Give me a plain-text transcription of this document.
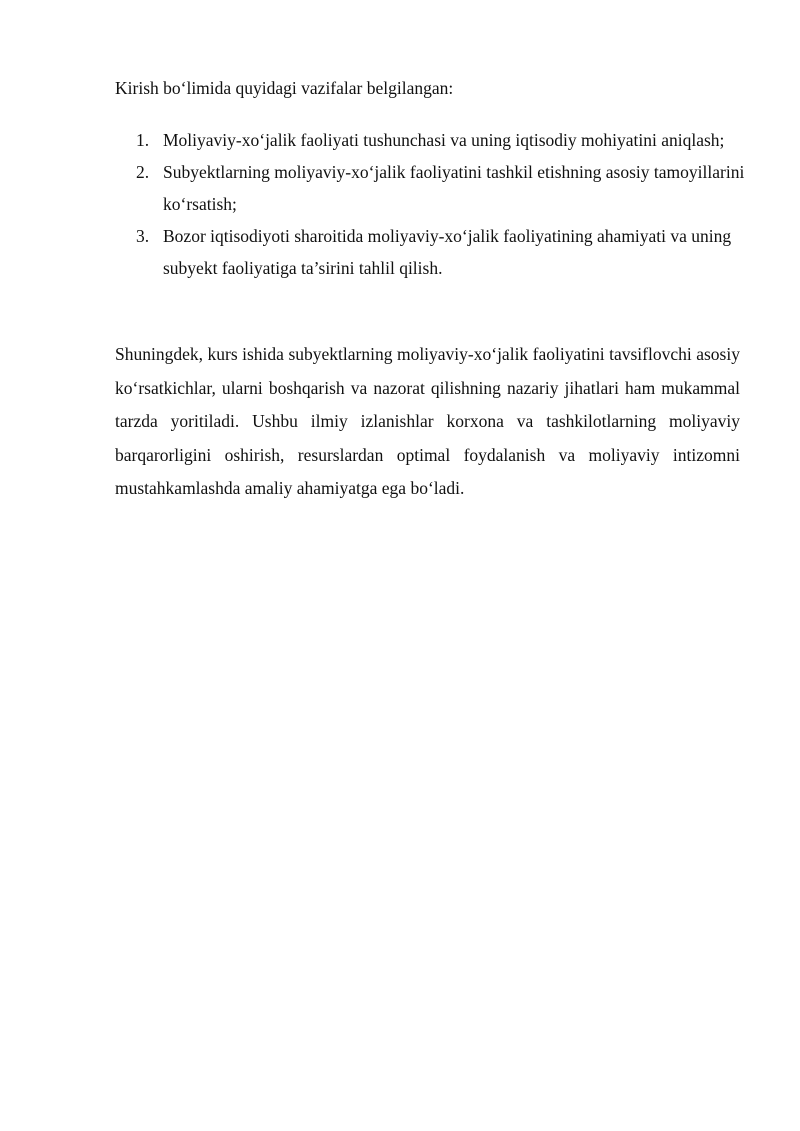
Kirish bo‘limida quyidagi vazifalar belgilangan:

1. Moliyaviy-xo‘jalik faoliyati tushunchasi va uning iqtisodiy mohiyatini aniqlash;
2. Subyektlarning moliyaviy-xo‘jalik faoliyatini tashkil etishning asosiy tamoyillarini ko‘rsatish;
3. Bozor iqtisodiyoti sharoitida moliyaviy-xo‘jalik faoliyatining ahamiyati va uning subyekt faoliyatiga ta’sirini tahlil qilish.

Shuningdek, kurs ishida subyektlarning moliyaviy-xo‘jalik faoliyatini tavsiflovchi asosiy ko‘rsatkichlar, ularni boshqarish va nazorat qilishning nazariy jihatlari ham mukammal tarzda yoritiladi. Ushbu ilmiy izlanishlar korxona va tashkilotlarning moliyaviy barqarorligini oshirish, resurslardan optimal foydalanish va moliyaviy intizomni mustahkamlashda amaliy ahamiyatga ega bo‘ladi.
